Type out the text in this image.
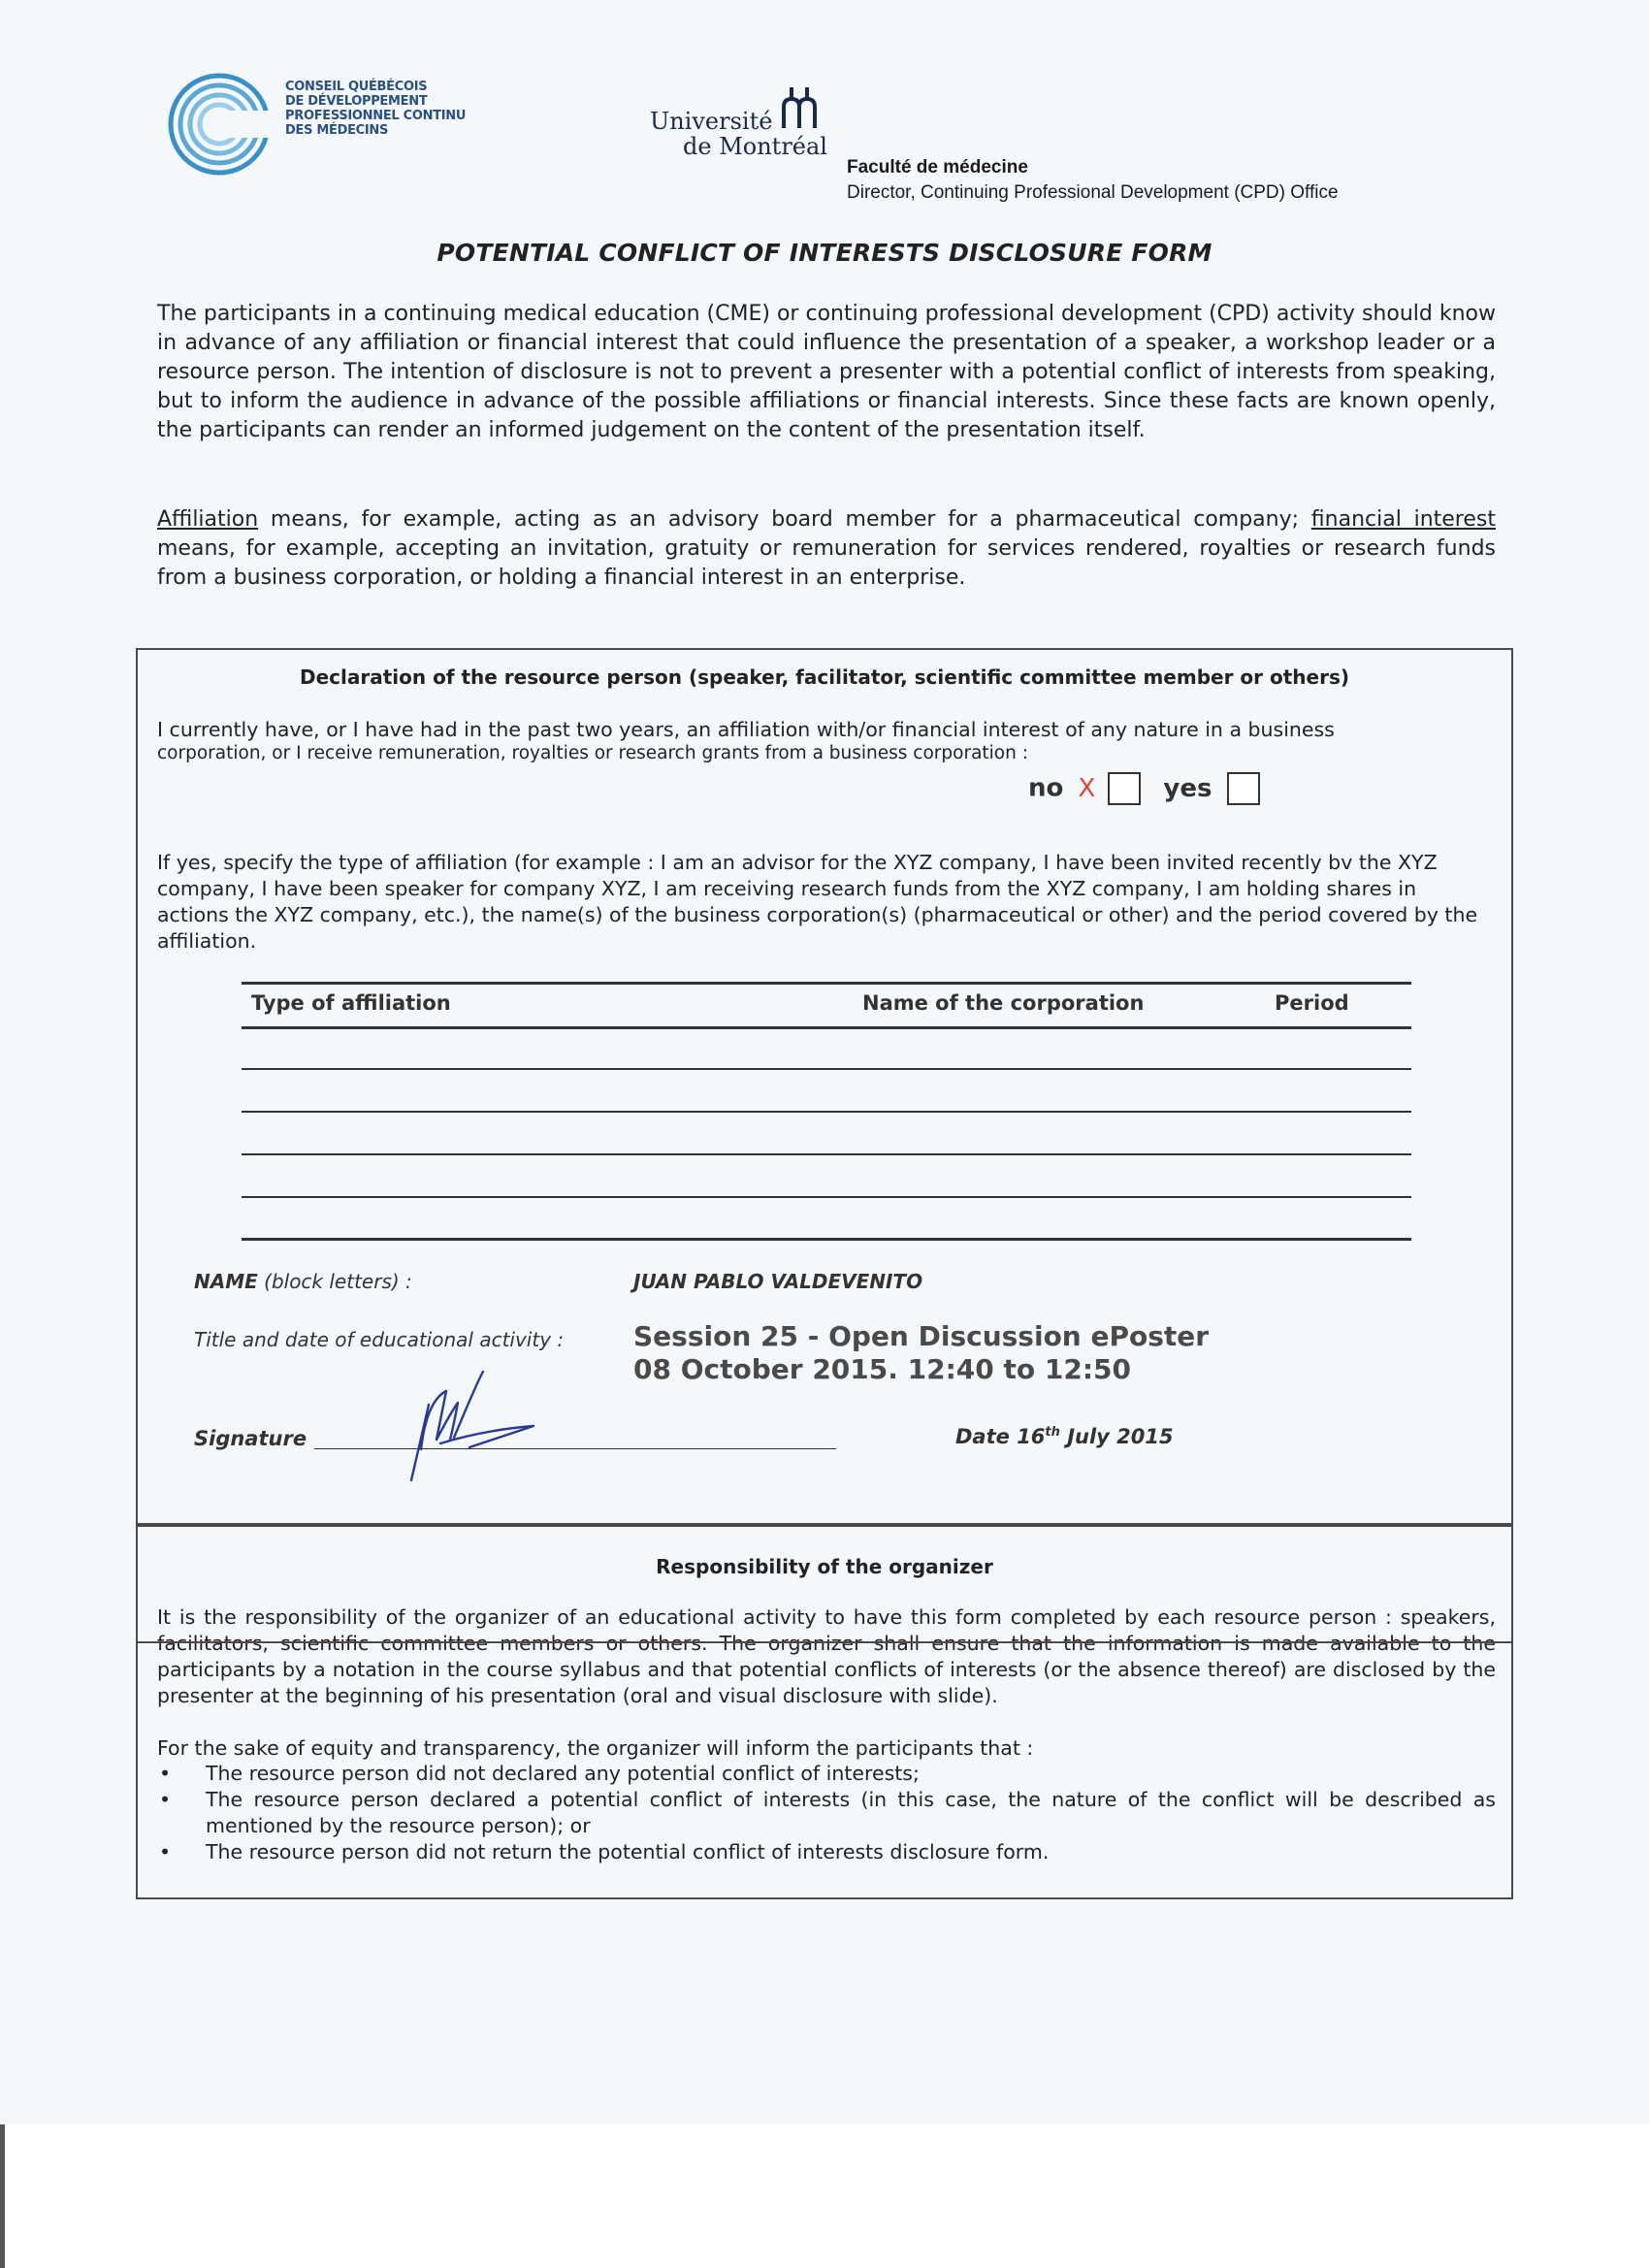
CONSEIL QUÉBÉCOIS
DE DÉVELOPPEMENT
PROFESSIONNEL CONTINU
DES MÉDECINS	Université
de Montréal
Faculté de médecine
Director, Continuing Professional Development (CPD) Office
POTENTIAL CONFLICT OF INTERESTS DISCLOSURE FORM
The participants in a continuing medical education (CME) or continuing professional development (CPD) activity should know in advance of any affiliation or financial interest that could influence the presentation of a speaker, a workshop leader or a resource person. The intention of disclosure is not to prevent a presenter with a potential conflict of interests from speaking, but to inform the audience in advance of the possible affiliations or financial interests. Since these facts are known openly, the participants can render an informed judgement on the content of the presentation itself.
Affiliation means, for example, acting as an advisory board member for a pharmaceutical company; financial interest means, for example, accepting an invitation, gratuity or remuneration for services rendered, royalties or research funds from a business corporation, or holding a financial interest in an enterprise.
Declaration of the resource person (speaker, facilitator, scientific committee member or others)
I currently have, or I have had in the past two years, an affiliation with/or financial interest of any nature in a business
corporation, or I receive remuneration, royalties or research grants from a business corporation :
no X	yes
If yes, specify the type of affiliation (for example : I am an advisor for the XYZ company, I have been invited recently bv the XYZ company, I have been speaker for company XYZ, I am receiving research funds from the XYZ company, I am holding shares in actions the XYZ company, etc.), the name(s) of the business corporation(s) (pharmaceutical or other) and the period covered by the affiliation.
Type of affiliation	Name of the corporation	Period
NAME (block letters) :	JUAN PABLO VALDEVENITO
Title and date of educational activity :	Session 25 - Open Discussion ePoster
08 October 2015. 12:40 to 12:50
Signature	Date 16th July 2015
Responsibility of the organizer
It is the responsibility of the organizer of an educational activity to have this form completed by each resource person : speakers, facilitators, scientific committee members or others. The organizer shall ensure that the information is made available to the participants by a notation in the course syllabus and that potential conflicts of interests (or the absence thereof) are disclosed by the presenter at the beginning of his presentation (oral and visual disclosure with slide).
For the sake of equity and transparency, the organizer will inform the participants that :
• The resource person did not declared any potential conflict of interests;
• The resource person declared a potential conflict of interests (in this case, the nature of the conflict will be described as mentioned by the resource person); or
• The resource person did not return the potential conflict of interests disclosure form.
